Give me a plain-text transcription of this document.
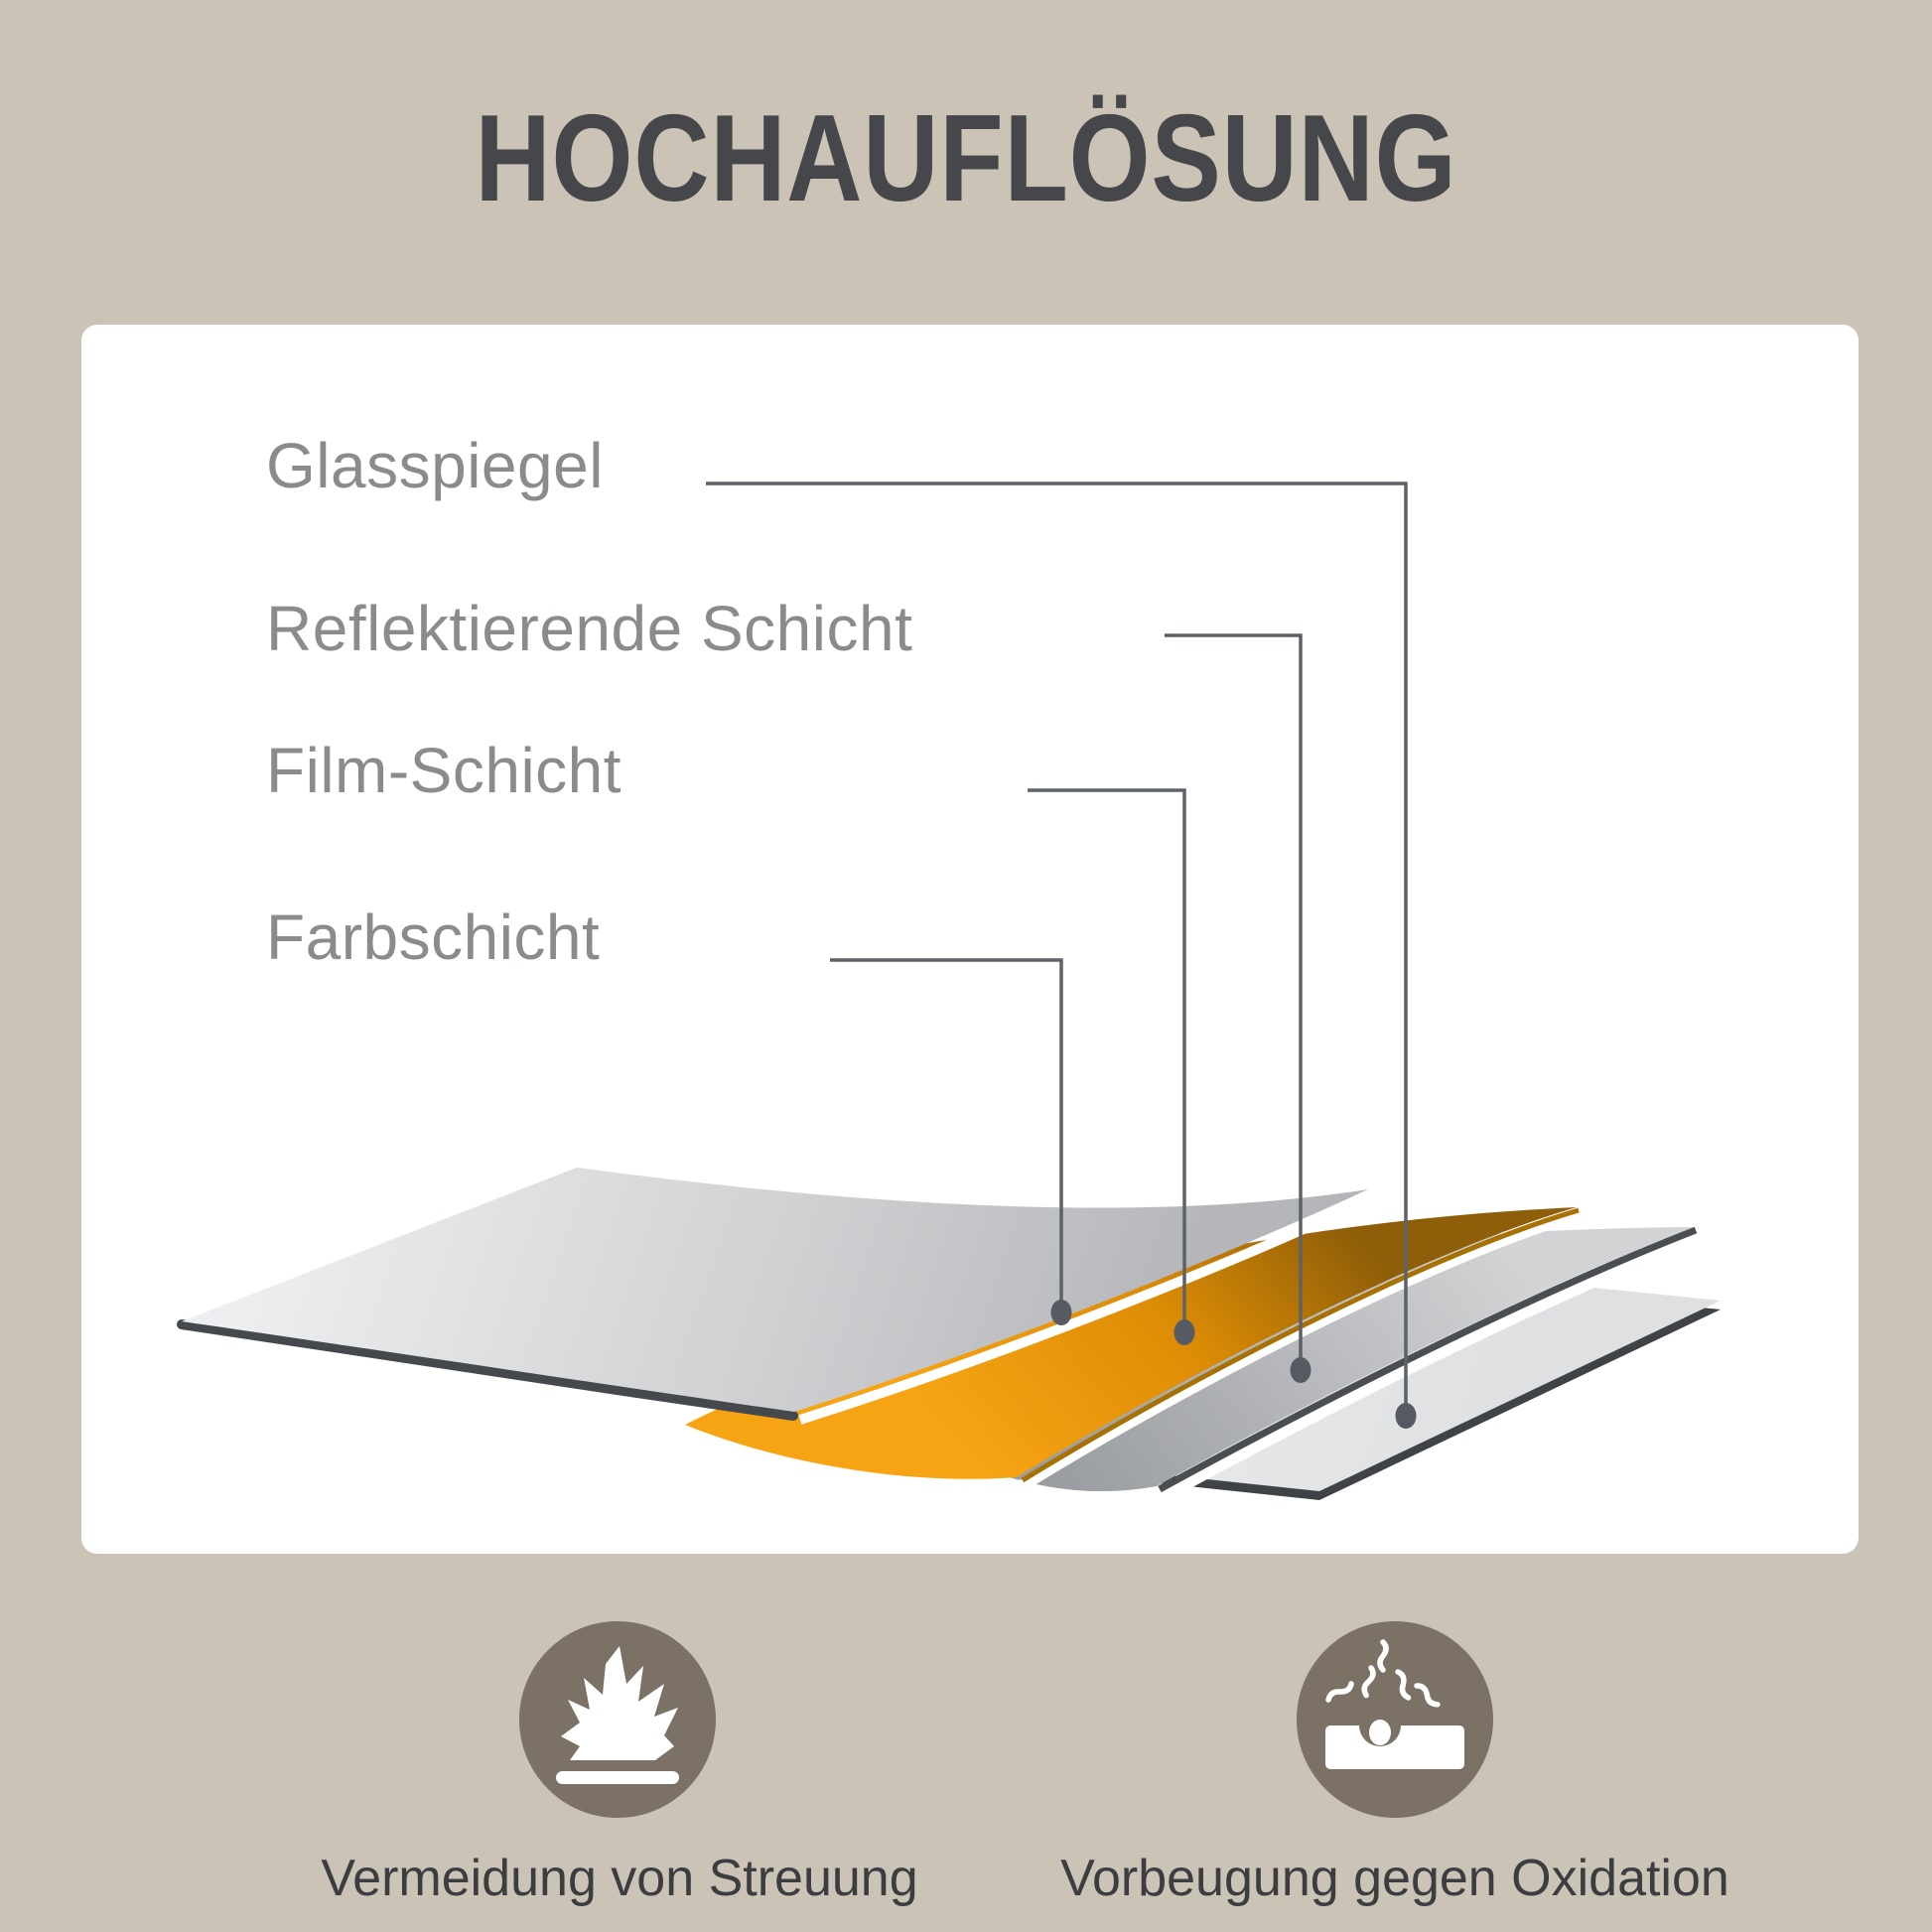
HOCHAUFLÖSUNG
Glasspiegel
Reflektierende Schicht
Film-Schicht
Farbschicht
Vermeidung von Streuung	Vorbeugung gegen Oxidation
